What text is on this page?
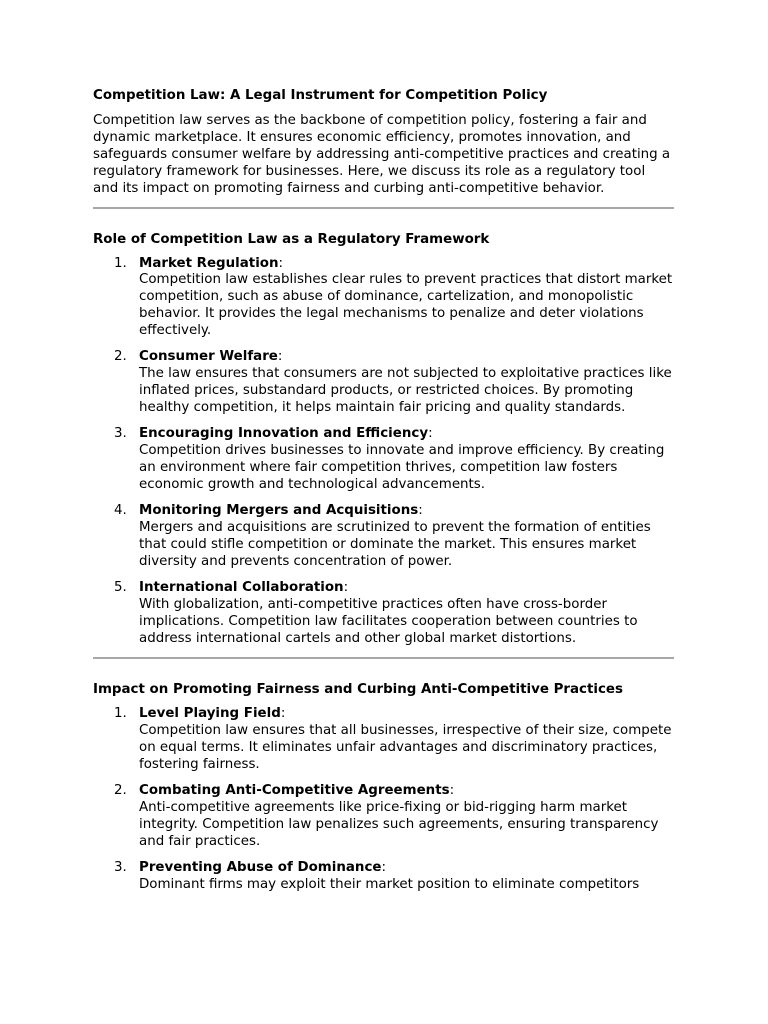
Competition Law: A Legal Instrument for Competition Policy

Competition law serves as the backbone of competition policy, fostering a fair and dynamic marketplace. It ensures economic efficiency, promotes innovation, and safeguards consumer welfare by addressing anti-competitive practices and creating a regulatory framework for businesses. Here, we discuss its role as a regulatory tool and its impact on promoting fairness and curbing anti-competitive behavior.

Role of Competition Law as a Regulatory Framework
1. Market Regulation:
Competition law establishes clear rules to prevent practices that distort market competition, such as abuse of dominance, cartelization, and monopolistic behavior. It provides the legal mechanisms to penalize and deter violations effectively.
2. Consumer Welfare:
The law ensures that consumers are not subjected to exploitative practices like inflated prices, substandard products, or restricted choices. By promoting healthy competition, it helps maintain fair pricing and quality standards.
3. Encouraging Innovation and Efficiency:
Competition drives businesses to innovate and improve efficiency. By creating an environment where fair competition thrives, competition law fosters economic growth and technological advancements.
4. Monitoring Mergers and Acquisitions:
Mergers and acquisitions are scrutinized to prevent the formation of entities that could stifle competition or dominate the market. This ensures market diversity and prevents concentration of power.
5. International Collaboration:
With globalization, anti-competitive practices often have cross-border implications. Competition law facilitates cooperation between countries to address international cartels and other global market distortions.
Impact on Promoting Fairness and Curbing Anti-Competitive Practices
1. Level Playing Field:
Competition law ensures that all businesses, irrespective of their size, compete on equal terms. It eliminates unfair advantages and discriminatory practices, fostering fairness.
2. Combating Anti-Competitive Agreements:
Anti-competitive agreements like price-fixing or bid-rigging harm market integrity. Competition law penalizes such agreements, ensuring transparency and fair practices.
3. Preventing Abuse of Dominance:
Dominant firms may exploit their market position to eliminate competitors
